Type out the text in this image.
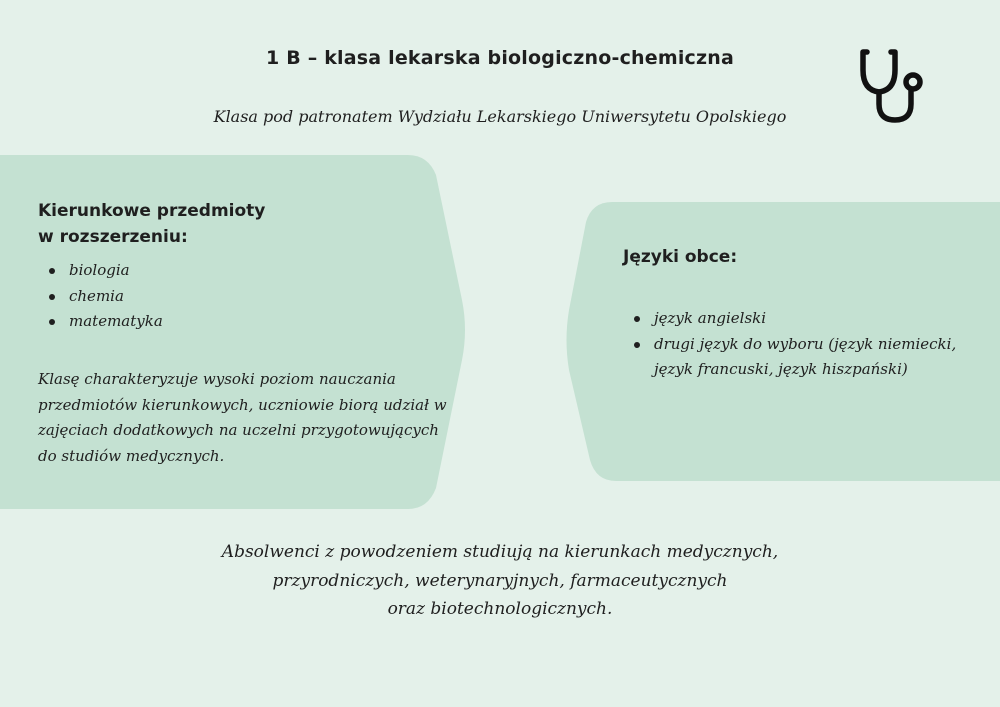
1 B – klasa lekarska biologiczno-chemiczna

Klasa pod patronatem Wydziału Lekarskiego Uniwersytetu Opolskiego

Kierunkowe przedmioty
w rozszerzeniu:
biologia
chemia
matematyka

Klasę charakteryzuje wysoki poziom nauczania przedmiotów kierunkowych, uczniowie biorą udział w zajęciach dodatkowych na uczelni przygotowujących do studiów medycznych.

Języki obce:
język angielski
drugi język do wyboru (język niemiecki, język francuski, język hiszpański)

Absolwenci z powodzeniem studiują na kierunkach medycznych,
przyrodniczych, weterynaryjnych, farmaceutycznych
oraz biotechnologicznych.
